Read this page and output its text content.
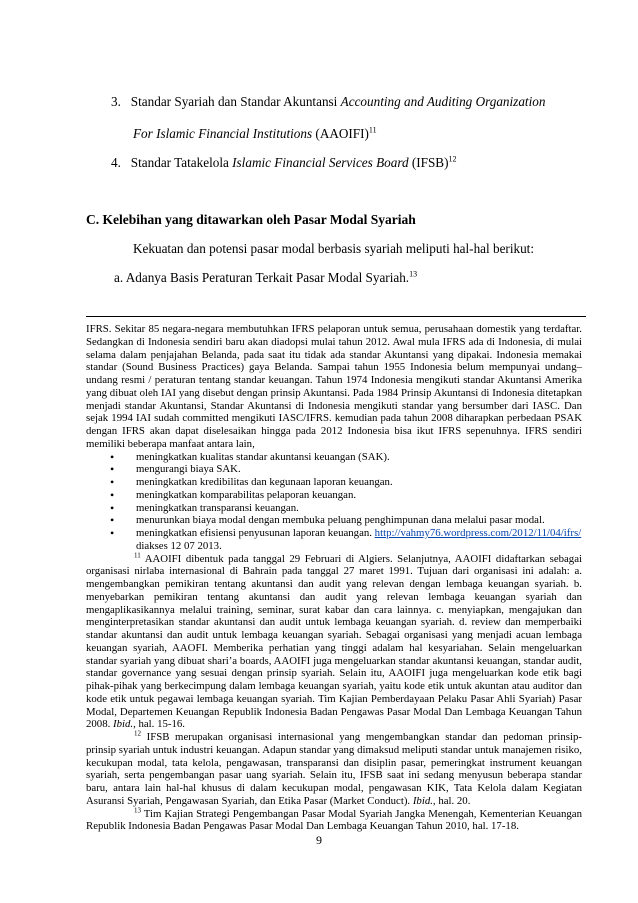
3. Standar Syariah dan Standar Akuntansi Accounting and Auditing Organization
For Islamic Financial Institutions (AAOIFI)$^{11}$
4. Standar Tatakelola Islamic Financial Services Board (IFSB)$^{12}$
C. Kelebihan yang ditawarkan oleh Pasar Modal Syariah
Kekuatan dan potensi pasar modal berbasis syariah meliputi hal-hal berikut:
a. Adanya Basis Peraturan Terkait Pasar Modal Syariah.$^{13}$

IFRS. Sekitar 85 negara-negara membutuhkan IFRS pelaporan untuk semua, perusahaan domestik yang terdaftar. Sedangkan di Indonesia sendiri baru akan diadopsi mulai tahun 2012. Awal mula IFRS ada di Indonesia, di mulai selama dalam penjajahan Belanda, pada saat itu tidak ada standar Akuntansi yang dipakai. Indonesia memakai standar (Sound Business Practices) gaya Belanda. Sampai tahun 1955 Indonesia belum mempunyai undang–undang resmi / peraturan tentang standar keuangan. Tahun 1974 Indonesia mengikuti standar Akuntansi Amerika yang dibuat oleh IAI yang disebut dengan prinsip Akuntansi. Pada 1984 Prinsip Akuntansi di Indonesia ditetapkan menjadi standar Akuntansi, Standar Akuntansi di Indonesia mengikuti standar yang bersumber dari IASC. Dan sejak 1994 IAI sudah committed mengikuti IASC/IFRS. kemudian pada tahun 2008 diharapkan perbedaan PSAK dengan IFRS akan dapat diselesaikan hingga pada 2012 Indonesia bisa ikut IFRS sepenuhnya. IFRS sendiri memiliki beberapa manfaat antara lain,

• meningkatkan kualitas standar akuntansi keuangan (SAK).
• mengurangi biaya SAK.
• meningkatkan kredibilitas dan kegunaan laporan keuangan.
• meningkatkan komparabilitas pelaporan keuangan.
• meningkatkan transparansi keuangan.
• menurunkan biaya modal dengan membuka peluang penghimpunan dana melalui pasar modal.
• meningkatkan efisiensi penyusunan laporan keuangan. http://vahmy76.wordpress.com/2012/11/04/ifrs/
diakses 12 07 2013.

$^{11}$ AAOIFI dibentuk pada tanggal 29 Februari di Algiers. Selanjutnya, AAOIFI didaftarkan sebagai organisasi nirlaba internasional di Bahrain pada tanggal 27 maret 1991. Tujuan dari organisasi ini adalah: a. mengembangkan pemikiran tentang akuntansi dan audit yang relevan dengan lembaga keuangan syariah. b. menyebarkan pemikiran tentang akuntansi dan audit yang relevan lembaga keuangan syariah dan mengaplikasikannya melalui training, seminar, surat kabar dan cara lainnya. c. menyiapkan, mengajukan dan menginterpretasikan standar akuntansi dan audit untuk lembaga keuangan syariah. d. review dan memperbaiki standar akuntansi dan audit untuk lembaga keuangan syariah. Sebagai organisasi yang menjadi acuan lembaga keuangan syariah, AAOFI. Memberika perhatian yang tinggi adalam hal kesyariahan. Selain mengeluarkan standar syariah yang dibuat shari’a boards, AAOIFI juga mengeluarkan standar akuntansi keuangan, standar audit, standar governance yang sesuai dengan prinsip syariah. Selain itu, AAOIFI juga mengeluarkan kode etik bagi pihak-pihak yang berkecimpung dalam lembaga keuangan syariah, yaitu kode etik untuk akuntan atau auditor dan kode etik untuk pegawai lembaga keuangan syariah. Tim Kajian Pemberdayaan Pelaku Pasar Ahli Syariah) Pasar Modal, Departemen Keuangan Republik Indonesia Badan Pengawas Pasar Modal Dan Lembaga Keuangan Tahun 2008. Ibid., hal. 15-16.

$^{12}$ IFSB merupakan organisasi internasional yang mengembangkan standar dan pedoman prinsip-prinsip syariah untuk industri keuangan. Adapun standar yang dimaksud meliputi standar untuk manajemen risiko, kecukupan modal, tata kelola, pengawasan, transparansi dan disiplin pasar, pemeringkat instrument keuangan syariah, serta pengembangan pasar uang syariah. Selain itu, IFSB saat ini sedang menyusun beberapa standar baru, antara lain hal-hal khusus di dalam kecukupan modal, pengawasan KIK, Tata Kelola dalam Kegiatan Asuransi Syariah, Pengawasan Syariah, dan Etika Pasar (Market Conduct). Ibid., hal. 20.

$^{13}$ Tim Kajian Strategi Pengembangan Pasar Modal Syariah Jangka Menengah, Kementerian Keuangan Republik Indonesia Badan Pengawas Pasar Modal Dan Lembaga Keuangan Tahun 2010, hal. 17-18.

9
